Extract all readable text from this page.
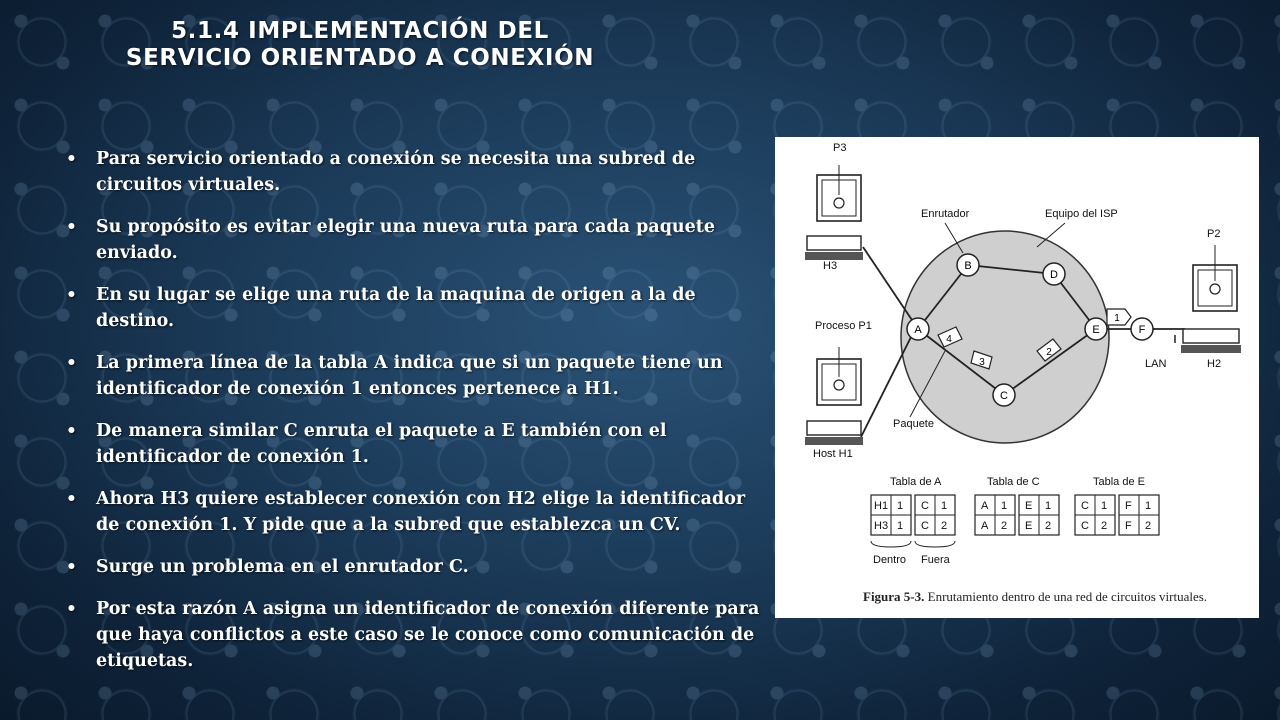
5.1.4 IMPLEMENTACIÓN DEL
SERVICIO ORIENTADO A CONEXIÓN
• Para servicio orientado a conexión se necesita una subred de circuitos virtuales.
• Su propósito es evitar elegir una nueva ruta para cada paquete enviado.
• En su lugar se elige una ruta de la maquina de origen a la de destino.
• La primera línea de la tabla A indica que si un paquete tiene un identificador de conexión 1 entonces pertenece a H1.
• De manera similar C enruta el paquete a E también con el identificador de conexión 1.
• Ahora H3 quiere establecer conexión con H2 elige la identificador de conexión 1. Y pide que a la subred que establezca un CV.
• Surge un problema en el enrutador C.
• Por esta razón A asigna un identificador de conexión diferente para que haya conflictos a este caso se le conoce como comunicación de etiquetas.
A
B
D
E
C
F
4
3
2
1
P3
H3
Proceso P1
Host H1
P2
H2
Enrutador	Equipo del ISP
Paquete
LAN
Tabla de A
H1 1 C 1
H3 1 C 2
Dentro Fuera
Tabla de C
A 1 E 1
A 2 E 2
Tabla de E
C 1 F 1
C 2 F 2
Figura 5-3. Enrutamiento dentro de una red de circuitos virtuales.
